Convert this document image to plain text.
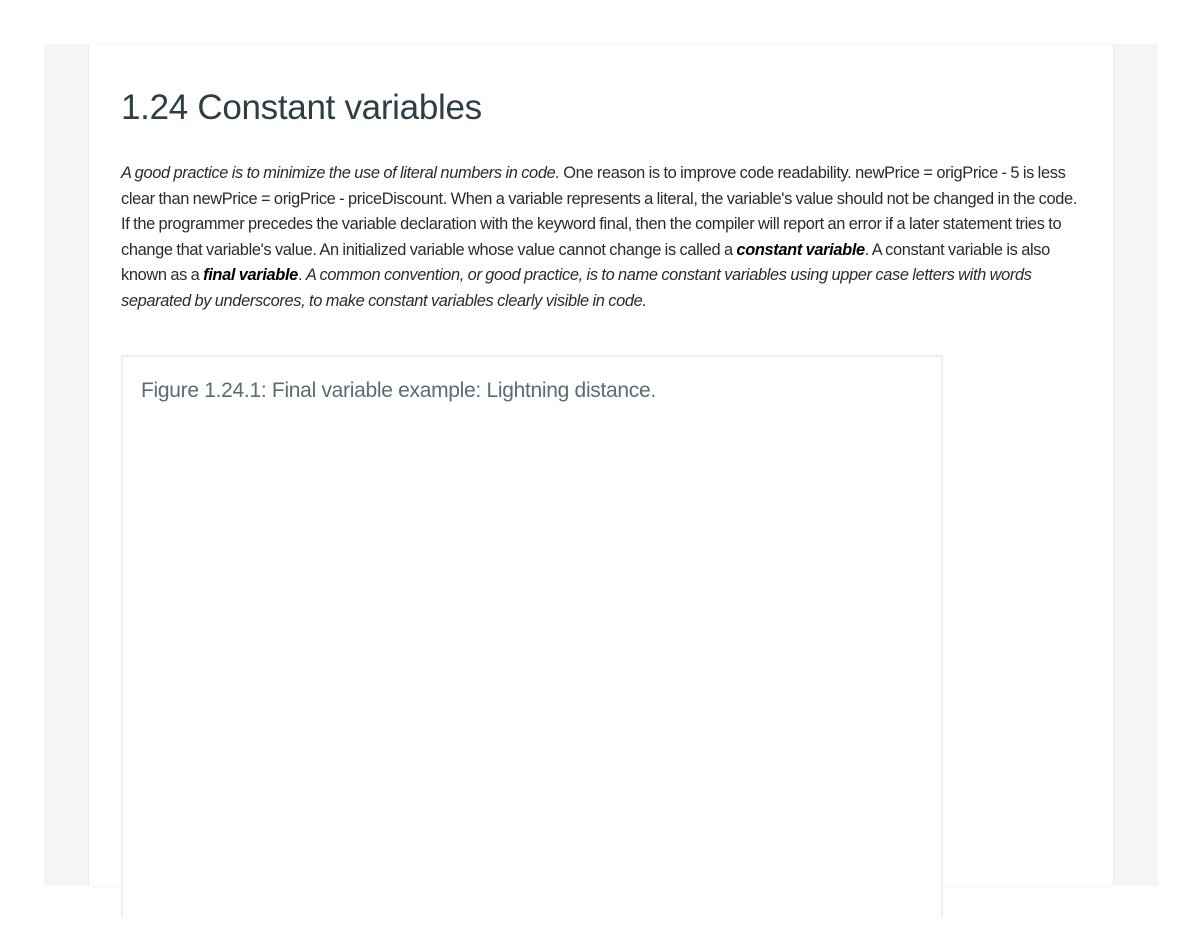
1.24 Constant variables

A good practice is to minimize the use of literal numbers in code. One reason is to improve code readability. newPrice = origPrice - 5 is less clear than newPrice = origPrice - priceDiscount. When a variable represents a literal, the variable's value should not be changed in the code. If the programmer precedes the variable declaration with the keyword final, then the compiler will report an error if a later statement tries to change that variable's value. An initialized variable whose value cannot change is called a constant variable. A constant variable is also known as a final variable. A common convention, or good practice, is to name constant variables using upper case letters with words separated by underscores, to make constant variables clearly visible in code.

Figure 1.24.1: Final variable example: Lightning distance.
